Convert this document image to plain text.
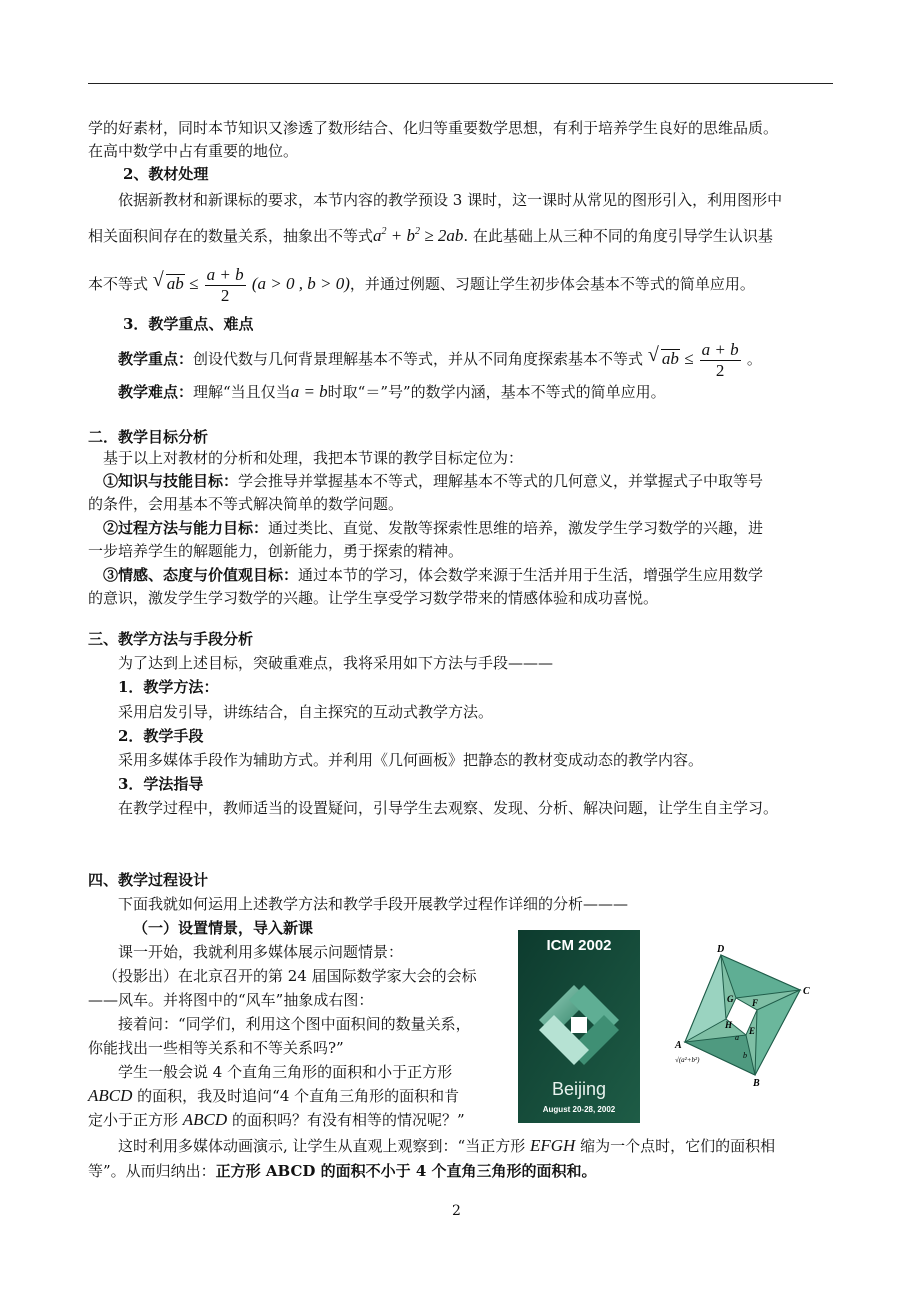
学的好素材，同时本节知识又渗透了数形结合、化归等重要数学思想，有利于培养学生良好的思维品质。
在高中数学中占有重要的地位。
2、教材处理
依据新教材和新课标的要求，本节内容的教学预设 3 课时，这一课时从常见的图形引入，利用图形中
相关面积间存在的数量关系，抽象出不等式$a^2 + b^2 \ge 2ab$. 在此基础上从三种不同的角度引导学生认识基
本不等式 √ ab ≤ $\frac{a + b}{2} (a > 0$ , b > 0)，并通过例题、习题让学生初步体会基本不等式的简单应用。
3．教学重点、难点
教学重点：创设代数与几何背景理解基本不等式，并从不同角度探索基本不等式 √ ab ≤ $\frac{a + b}{2}$ 。
教学难点：理解“当且仅当a = b时取“＝”号”的数学内涵，基本不等式的简单应用。
二．教学目标分析
基于以上对教材的分析和处理，我把本节课的教学目标定位为：
①知识与技能目标：学会推导并掌握基本不等式，理解基本不等式的几何意义，并掌握式子中取等号
的条件，会用基本不等式解决简单的数学问题。
②过程方法与能力目标：通过类比、直觉、发散等探索性思维的培养，激发学生学习数学的兴趣，进
一步培养学生的解题能力，创新能力，勇于探索的精神。
③情感、态度与价值观目标：通过本节的学习，体会数学来源于生活并用于生活，增强学生应用数学
的意识，激发学生学习数学的兴趣。让学生享受学习数学带来的情感体验和成功喜悦。
三、教学方法与手段分析
为了达到上述目标，突破重难点，我将采用如下方法与手段———
1．教学方法：
采用启发引导，讲练结合，自主探究的互动式教学方法。
2．教学手段
采用多媒体手段作为辅助方式。并利用《几何画板》把静态的教材变成动态的教学内容。
3．学法指导
在教学过程中，教师适当的设置疑问，引导学生去观察、发现、分析、解决问题，让学生自主学习。
四、教学过程设计
下面我就如何运用上述教学方法和教学手段开展教学过程作详细的分析———
（一）设置情景，导入新课
课一开始，我就利用多媒体展示问题情景：
（投影出）在北京召开的第 24 届国际数学家大会的会标
——风车。并将图中的“风车”抽象成右图：
接着问：“同学们，利用这个图中面积间的数量关系，
你能找出一些相等关系和不等关系吗?”
学生一般会说 4 个直角三角形的面积和小于正方形
ABCD 的面积，我及时追问“4 个直角三角形的面积和肯
定小于正方形 ABCD 的面积吗？有没有相等的情况呢？”
这时利用多媒体动画演示, 让学生从直观上观察到：“当正方形 EFGH 缩为一个点时，它们的面积相
等”。从而归纳出：正方形 ABCD 的面积不小于 4 个直角三角形的面积和。
ICM 2002
Beijing
August 20-28, 2002
D
A
C
B
G F
H
E
a
b
√(a²+b²)
2
